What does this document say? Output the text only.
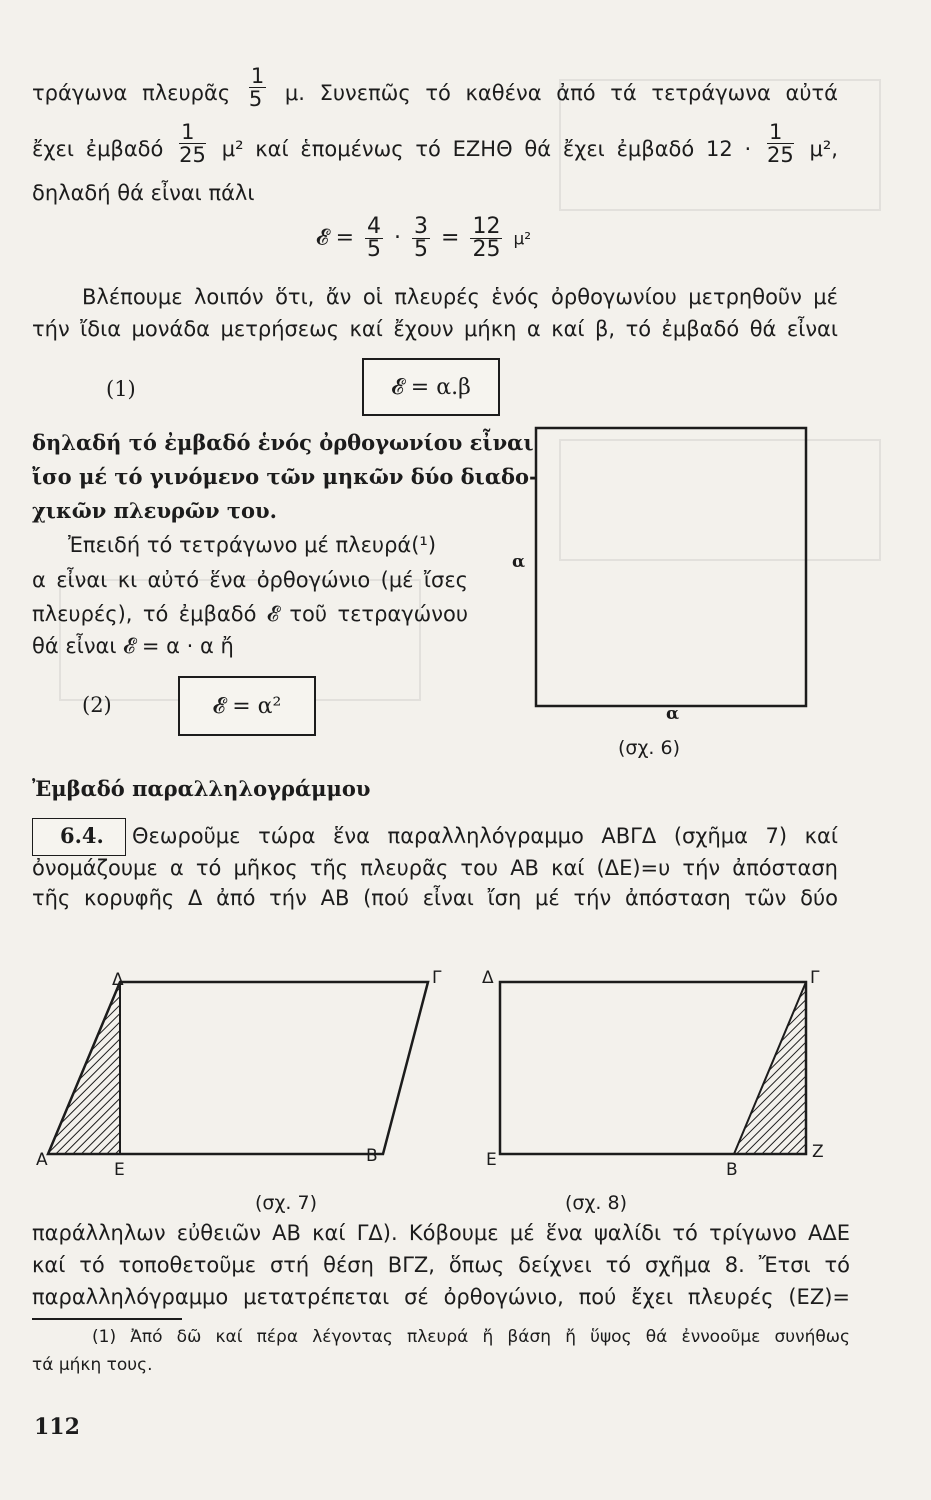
τράγωνα πλευρᾶς $\frac{1}{5} \mu$. Συνεπῶς τό καθένα ἀπό τά τετράγωνα αὐτά
ἔχει ἐμβαδό $\frac{1}{25} \mu^2$ καί ἑπομένως τό ΕΖΗΘ θά ἔχει ἐμβαδό $12 \cdot \frac{1}{25} \mu^2$,
δηλαδή θά εἶναι πάλι
𝓔 = $\frac{4}{5} \cdot \frac{3}{5} = \frac{12}{25} \mu^2$
Βλέπουμε λοιπόν ὅτι, ἄν οἱ πλευρές ἑνός ὀρθογωνίου μετρηθοῦν μέ
τήν ἴδια μονάδα μετρήσεως καί ἔχουν μήκη α καί β, τό ἐμβαδό θά εἶναι
(1)	𝓔 = α.β
δηλαδή τό ἐμβαδό ἑνός ὀρθογωνίου εἶναι
ἴσο μέ τό γινόμενο τῶν μηκῶν δύο διαδο-
χικῶν πλευρῶν του.
Ἐπειδή τό τετράγωνο μέ πλευρά(¹)
α εἶναι κι αὐτό ἕνα ὀρθογώνιο (μέ ἴσες
πλευρές), τό ἐμβαδό 𝓔 τοῦ τετραγώνου
θά εἶναι 𝓔 = α · α ἤ
(2)	𝓔 = α²
α
α
(σχ. 6)
Ἐμβαδό παραλληλογράμμου
6.4. Θεωροῦμε τώρα ἕνα παραλληλόγραμμο ΑΒΓΔ (σχῆμα 7) καί
ὀνομάζουμε α τό μῆκος τῆς πλευρᾶς του ΑΒ καί (ΔΕ)=υ τήν ἀπόσταση
τῆς κορυφῆς Δ ἀπό τήν ΑΒ (πού εἶναι ἴση μέ τήν ἀπόσταση τῶν δύο
Δ	Γ
Α	Ε
Β
(σχ. 7)
Δ	Γ
Ε	Β
Ζ
(σχ. 8)
παράλληλων εὐθειῶν ΑΒ καί ΓΔ). Κόβουμε μέ ἕνα ψαλίδι τό τρίγωνο ΑΔΕ
καί τό τοποθετοῦμε στή θέση ΒΓΖ, ὅπως δείχνει τό σχῆμα 8. Ἔτσι τό
παραλληλόγραμμο μετατρέπεται σέ ὀρθογώνιο, πού ἔχει πλευρές (ΕΖ)=
(1) Ἀπό δῶ καί πέρα λέγοντας πλευρά ἤ βάση ἤ ὕψος θά ἐννοοῦμε συνήθως
τά μήκη τους.
112
